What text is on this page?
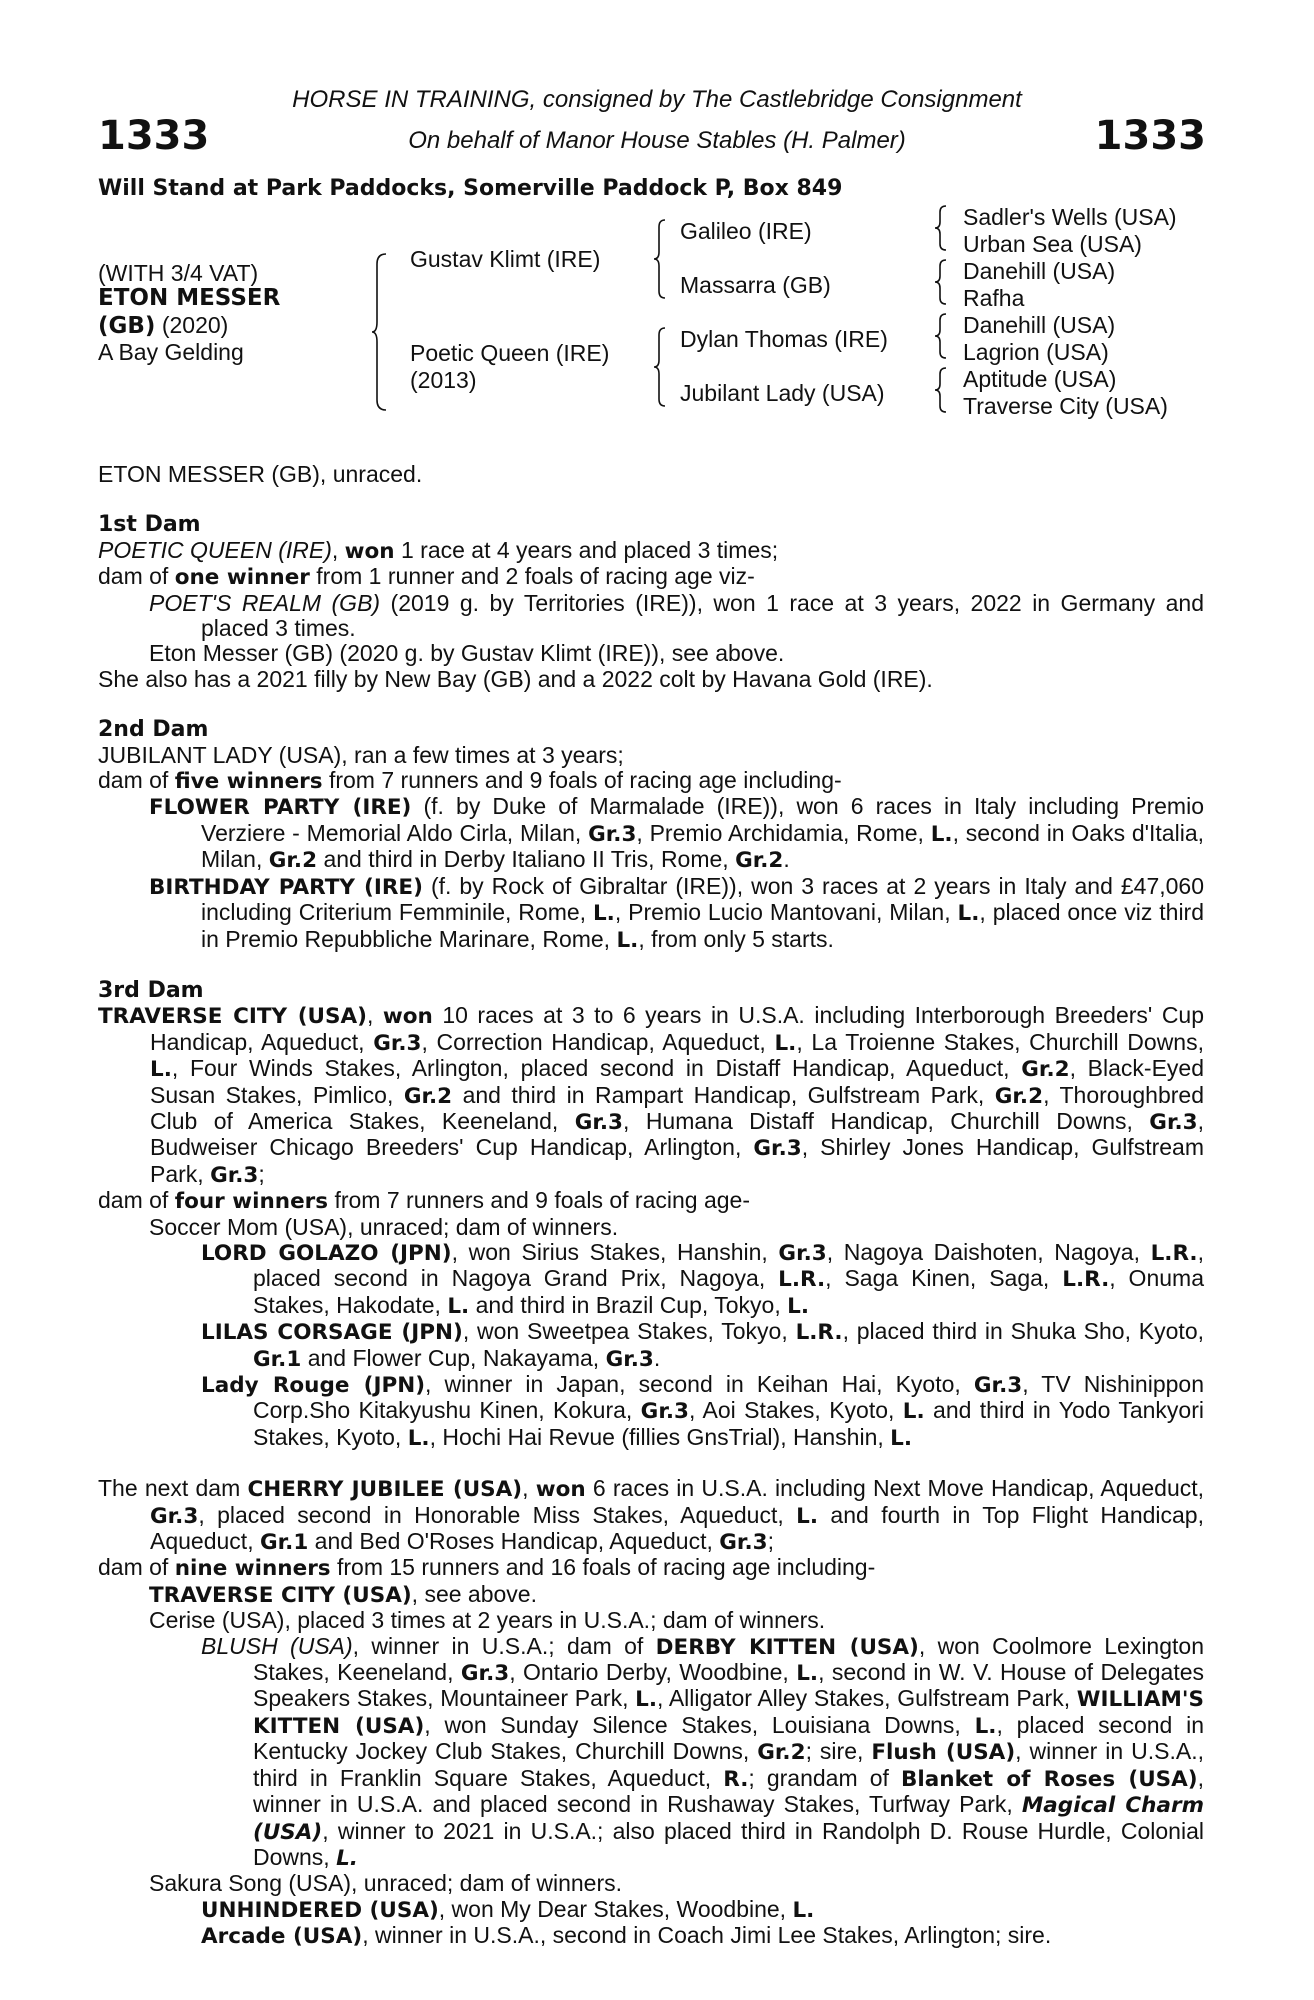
HORSE IN TRAINING, consigned by The Castlebridge Consignment
On behalf of Manor House Stables (H. Palmer)
1333	1333
Will Stand at Park Paddocks, Somerville Paddock P, Box 849
(WITH 3/4 VAT)
ETON MESSER
(GB) (2020)
A Bay Gelding
Gustav Klimt (IRE)
Poetic Queen (IRE)
(2013)
Galileo (IRE)
Massarra (GB)
Dylan Thomas (IRE)
Jubilant Lady (USA)
Sadler's Wells (USA)
Urban Sea (USA)
Danehill (USA)
Rafha
Danehill (USA)
Lagrion (USA)
Aptitude (USA)
Traverse City (USA)

ETON MESSER (GB), unraced.

1st Dam

POETIC QUEEN (IRE), won 1 race at 4 years and placed 3 times;

dam of one winner from 1 runner and 2 foals of racing age viz-

POET'S REALM (GB) (2019 g. by Territories (IRE)), won 1 race at 3 years, 2022 in Germany and placed 3 times.

Eton Messer (GB) (2020 g. by Gustav Klimt (IRE)), see above.

She also has a 2021 filly by New Bay (GB) and a 2022 colt by Havana Gold (IRE).

2nd Dam

JUBILANT LADY (USA), ran a few times at 3 years;

dam of five winners from 7 runners and 9 foals of racing age including-

FLOWER PARTY (IRE) (f. by Duke of Marmalade (IRE)), won 6 races in Italy including Premio Verziere - Memorial Aldo Cirla, Milan, Gr.3, Premio Archidamia, Rome, L., second in Oaks d'Italia, Milan, Gr.2 and third in Derby Italiano II Tris, Rome, Gr.2.

BIRTHDAY PARTY (IRE) (f. by Rock of Gibraltar (IRE)), won 3 races at 2 years in Italy and £47,060 including Criterium Femminile, Rome, L., Premio Lucio Mantovani, Milan, L., placed once viz third in Premio Repubbliche Marinare, Rome, L., from only 5 starts.

3rd Dam

TRAVERSE CITY (USA), won 10 races at 3 to 6 years in U.S.A. including Interborough Breeders' Cup Handicap, Aqueduct, Gr.3, Correction Handicap, Aqueduct, L., La Troienne Stakes, Churchill Downs, L., Four Winds Stakes, Arlington, placed second in Distaff Handicap, Aqueduct, Gr.2, Black-Eyed Susan Stakes, Pimlico, Gr.2 and third in Rampart Handicap, Gulfstream Park, Gr.2, Thoroughbred Club of America Stakes, Keeneland, Gr.3, Humana Distaff Handicap, Churchill Downs, Gr.3, Budweiser Chicago Breeders' Cup Handicap, Arlington, Gr.3, Shirley Jones Handicap, Gulfstream Park, Gr.3;

dam of four winners from 7 runners and 9 foals of racing age-

Soccer Mom (USA), unraced; dam of winners.

LORD GOLAZO (JPN), won Sirius Stakes, Hanshin, Gr.3, Nagoya Daishoten, Nagoya, L.R., placed second in Nagoya Grand Prix, Nagoya, L.R., Saga Kinen, Saga, L.R., Onuma Stakes, Hakodate, L. and third in Brazil Cup, Tokyo, L.

LILAS CORSAGE (JPN), won Sweetpea Stakes, Tokyo, L.R., placed third in Shuka Sho, Kyoto, Gr.1 and Flower Cup, Nakayama, Gr.3.

Lady Rouge (JPN), winner in Japan, second in Keihan Hai, Kyoto, Gr.3, TV Nishinippon Corp.Sho Kitakyushu Kinen, Kokura, Gr.3, Aoi Stakes, Kyoto, L. and third in Yodo Tankyori Stakes, Kyoto, L., Hochi Hai Revue (fillies GnsTrial), Hanshin, L.

The next dam CHERRY JUBILEE (USA), won 6 races in U.S.A. including Next Move Handicap, Aqueduct, Gr.3, placed second in Honorable Miss Stakes, Aqueduct, L. and fourth in Top Flight Handicap, Aqueduct, Gr.1 and Bed O'Roses Handicap, Aqueduct, Gr.3;

dam of nine winners from 15 runners and 16 foals of racing age including-

TRAVERSE CITY (USA), see above.

Cerise (USA), placed 3 times at 2 years in U.S.A.; dam of winners.

BLUSH (USA), winner in U.S.A.; dam of DERBY KITTEN (USA), won Coolmore Lexington Stakes, Keeneland, Gr.3, Ontario Derby, Woodbine, L., second in W. V. House of Delegates Speakers Stakes, Mountaineer Park, L., Alligator Alley Stakes, Gulfstream Park, WILLIAM'S KITTEN (USA), won Sunday Silence Stakes, Louisiana Downs, L., placed second in Kentucky Jockey Club Stakes, Churchill Downs, Gr.2; sire, Flush (USA), winner in U.S.A., third in Franklin Square Stakes, Aqueduct, R.; grandam of Blanket of Roses (USA), winner in U.S.A. and placed second in Rushaway Stakes, Turfway Park, Magical Charm (USA), winner to 2021 in U.S.A.; also placed third in Randolph D. Rouse Hurdle, Colonial Downs, L.

Sakura Song (USA), unraced; dam of winners.

UNHINDERED (USA), won My Dear Stakes, Woodbine, L.

Arcade (USA), winner in U.S.A., second in Coach Jimi Lee Stakes, Arlington; sire.
